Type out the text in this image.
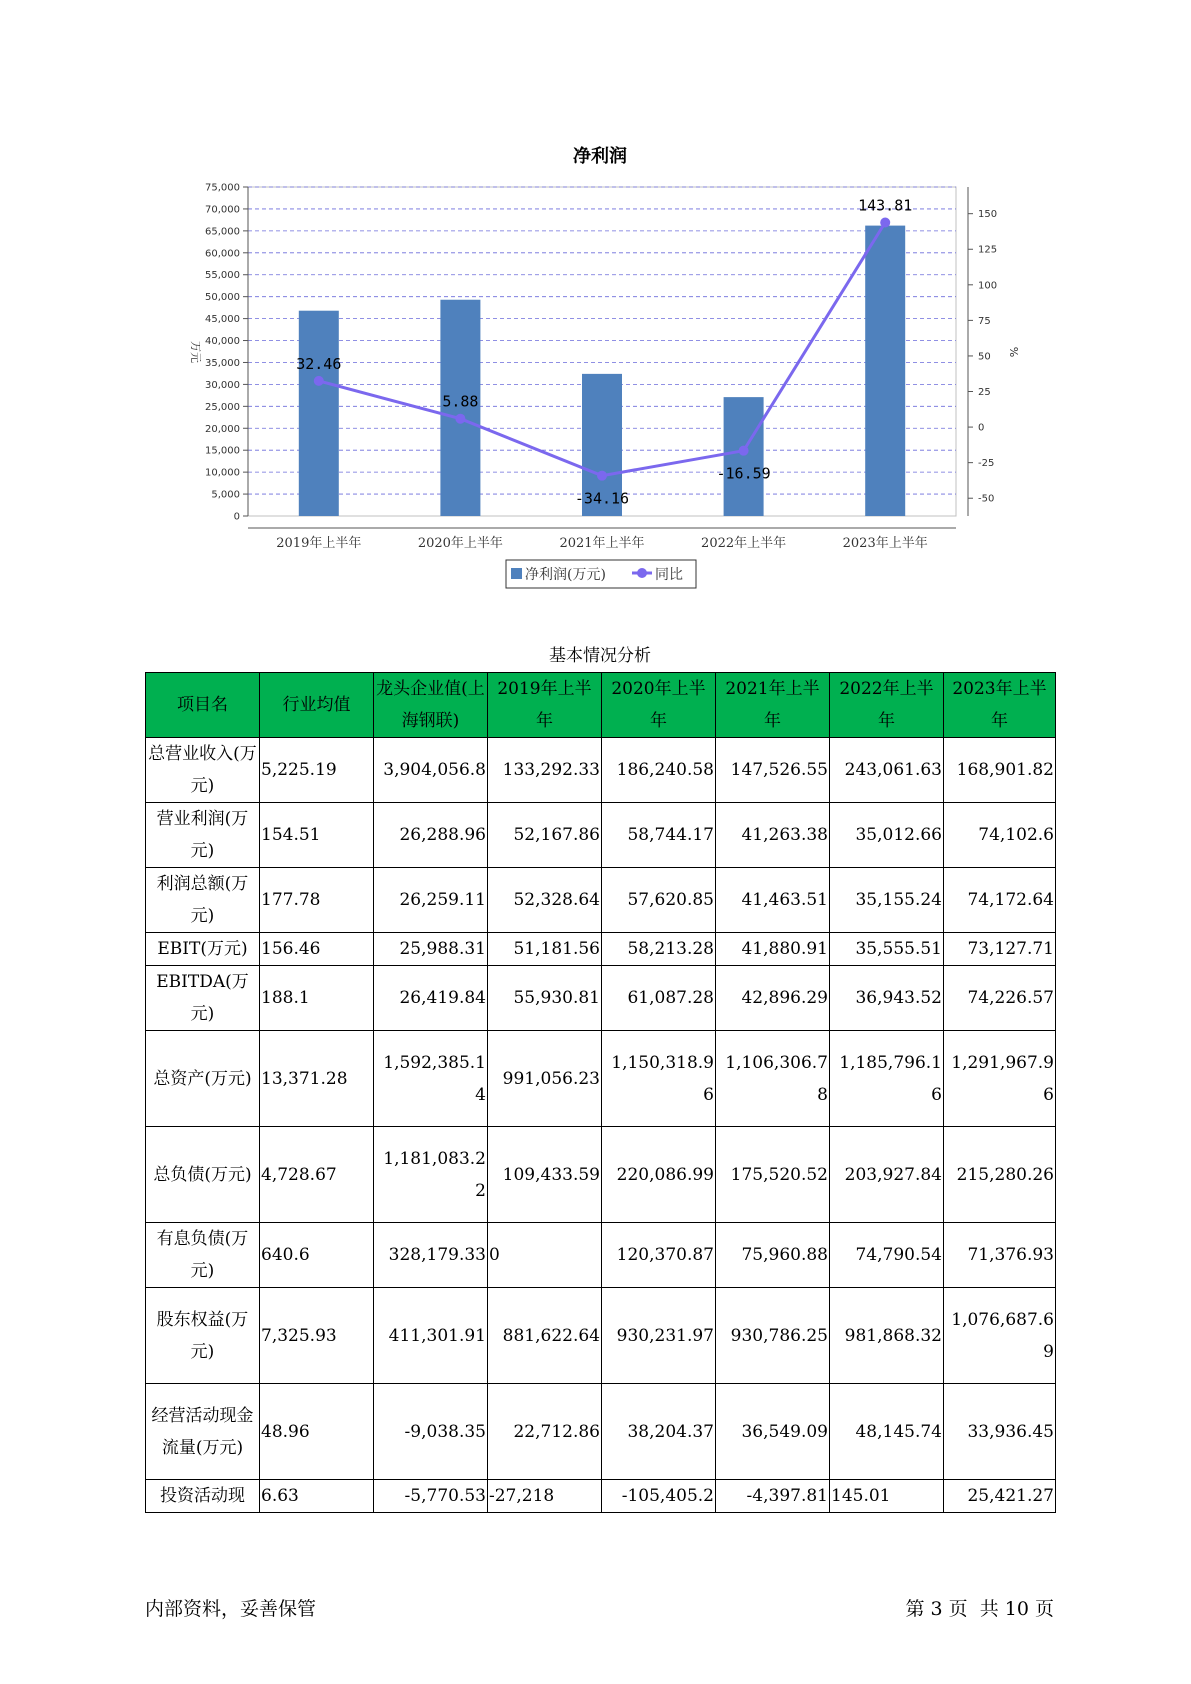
净利润
0
5,000
10,000
15,000
20,000
25,000
30,000
35,000
40,000
45,000
50,000
55,000
60,000
65,000
70,000
75,000
-50
-25
0
25
50
75
100
125
150
2019年上半年	2020年上半年	2021年上半年	2022年上半年	2023年上半年
32.46
5.88
-34.16
-16.59
143.81
万元	%
净利润(万元)	同比
基本情况分析
项目名	行业均值	龙头企业值(上海钢联)	2019年上半年	2020年上半年	2021年上半年	2022年上半年	2023年上半年
总营业收入(万元)	5,225.19	3,904,056.8	133,292.33	186,240.58	147,526.55	243,061.63	168,901.82
营业利润(万元)	154.51	26,288.96	52,167.86	58,744.17	41,263.38	35,012.66	74,102.6
利润总额(万元)	177.78	26,259.11	52,328.64	57,620.85	41,463.51	35,155.24	74,172.64
EBIT(万元)	156.46	25,988.31	51,181.56	58,213.28	41,880.91	35,555.51	73,127.71
EBITDA(万元)	188.1	26,419.84	55,930.81	61,087.28	42,896.29	36,943.52	74,226.57
总资产(万元)	13,371.28	1,592,385.14	991,056.23	1,150,318.96	1,106,306.78	1,185,796.16	1,291,967.96
总负债(万元)	4,728.67	1,181,083.22	109,433.59	220,086.99	175,520.52	203,927.84	215,280.26
有息负债(万元)	640.6	328,179.33	0	120,370.87	75,960.88	74,790.54	71,376.93
股东权益(万元)	7,325.93	411,301.91	881,622.64	930,231.97	930,786.25	981,868.32	1,076,687.69
经营活动现金流量(万元)	48.96	-9,038.35	22,712.86	38,204.37	36,549.09	48,145.74	33,936.45
投资活动现	6.63	-5,770.53	-27,218	-105,405.2	-4,397.81	145.01	25,421.27
内部资料，妥善保管	第 3 页  共 10 页
